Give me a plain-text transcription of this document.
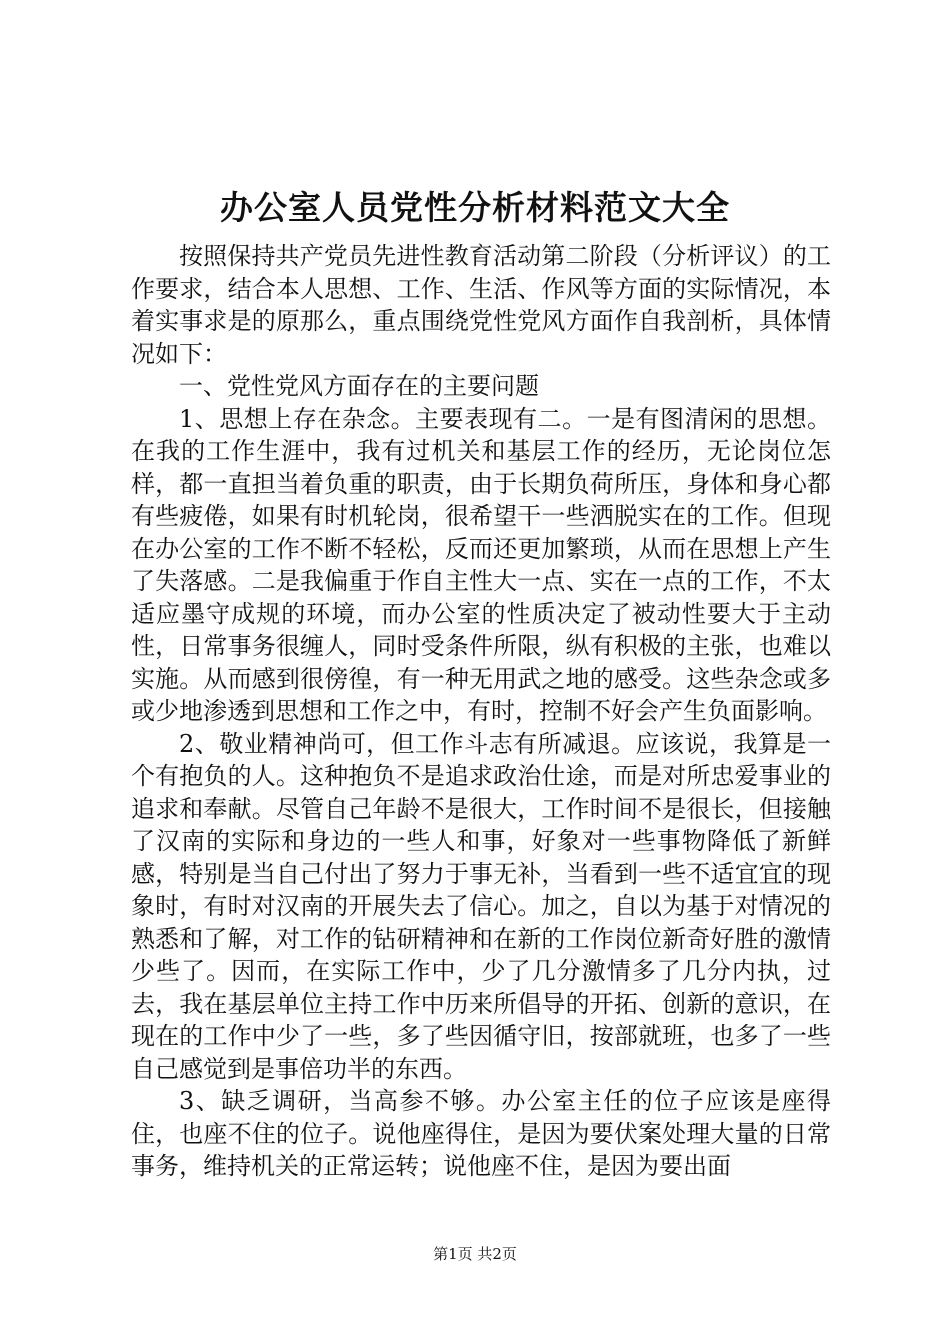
办公室人员党性分析材料范文大全

按照保持共产党员先进性教育活动第二阶段（分析评议）的工作要求，结合本人思想、工作、生活、作风等方面的实际情况，本着实事求是的原那么，重点围绕党性党风方面作自我剖析，具体情况如下：

一、党性党风方面存在的主要问题

1、思想上存在杂念。主要表现有二。一是有图清闲的思想。在我的工作生涯中，我有过机关和基层工作的经历，无论岗位怎样，都一直担当着负重的职责，由于长期负荷所压，身体和身心都有些疲倦，如果有时机轮岗，很希望干一些洒脱实在的工作。但现在办公室的工作不断不轻松，反而还更加繁琐，从而在思想上产生了失落感。二是我偏重于作自主性大一点、实在一点的工作，不太适应墨守成规的环境，而办公室的性质决定了被动性要大于主动性，日常事务很缠人，同时受条件所限，纵有积极的主张，也难以实施。从而感到很傍徨，有一种无用武之地的感受。这些杂念或多或少地渗透到思想和工作之中，有时，控制不好会产生负面影响。

2、敬业精神尚可，但工作斗志有所减退。应该说，我算是一个有抱负的人。这种抱负不是追求政治仕途，而是对所忠爱事业的追求和奉献。尽管自己年龄不是很大，工作时间不是很长，但接触了汉南的实际和身边的一些人和事，好象对一些事物降低了新鲜感，特别是当自己付出了努力于事无补，当看到一些不适宜宜的现象时，有时对汉南的开展失去了信心。加之，自以为基于对情况的熟悉和了解，对工作的钻研精神和在新的工作岗位新奇好胜的激情少些了。因而，在实际工作中，少了几分激情多了几分内执，过去，我在基层单位主持工作中历来所倡导的开拓、创新的意识，在现在的工作中少了一些，多了些因循守旧，按部就班，也多了一些自己感觉到是事倍功半的东西。

3、缺乏调研，当高参不够。办公室主任的位子应该是座得住，也座不住的位子。说他座得住，是因为要伏案处理大量的日常事务，维持机关的正常运转；说他座不住，是因为要出面

第1页 共2页
